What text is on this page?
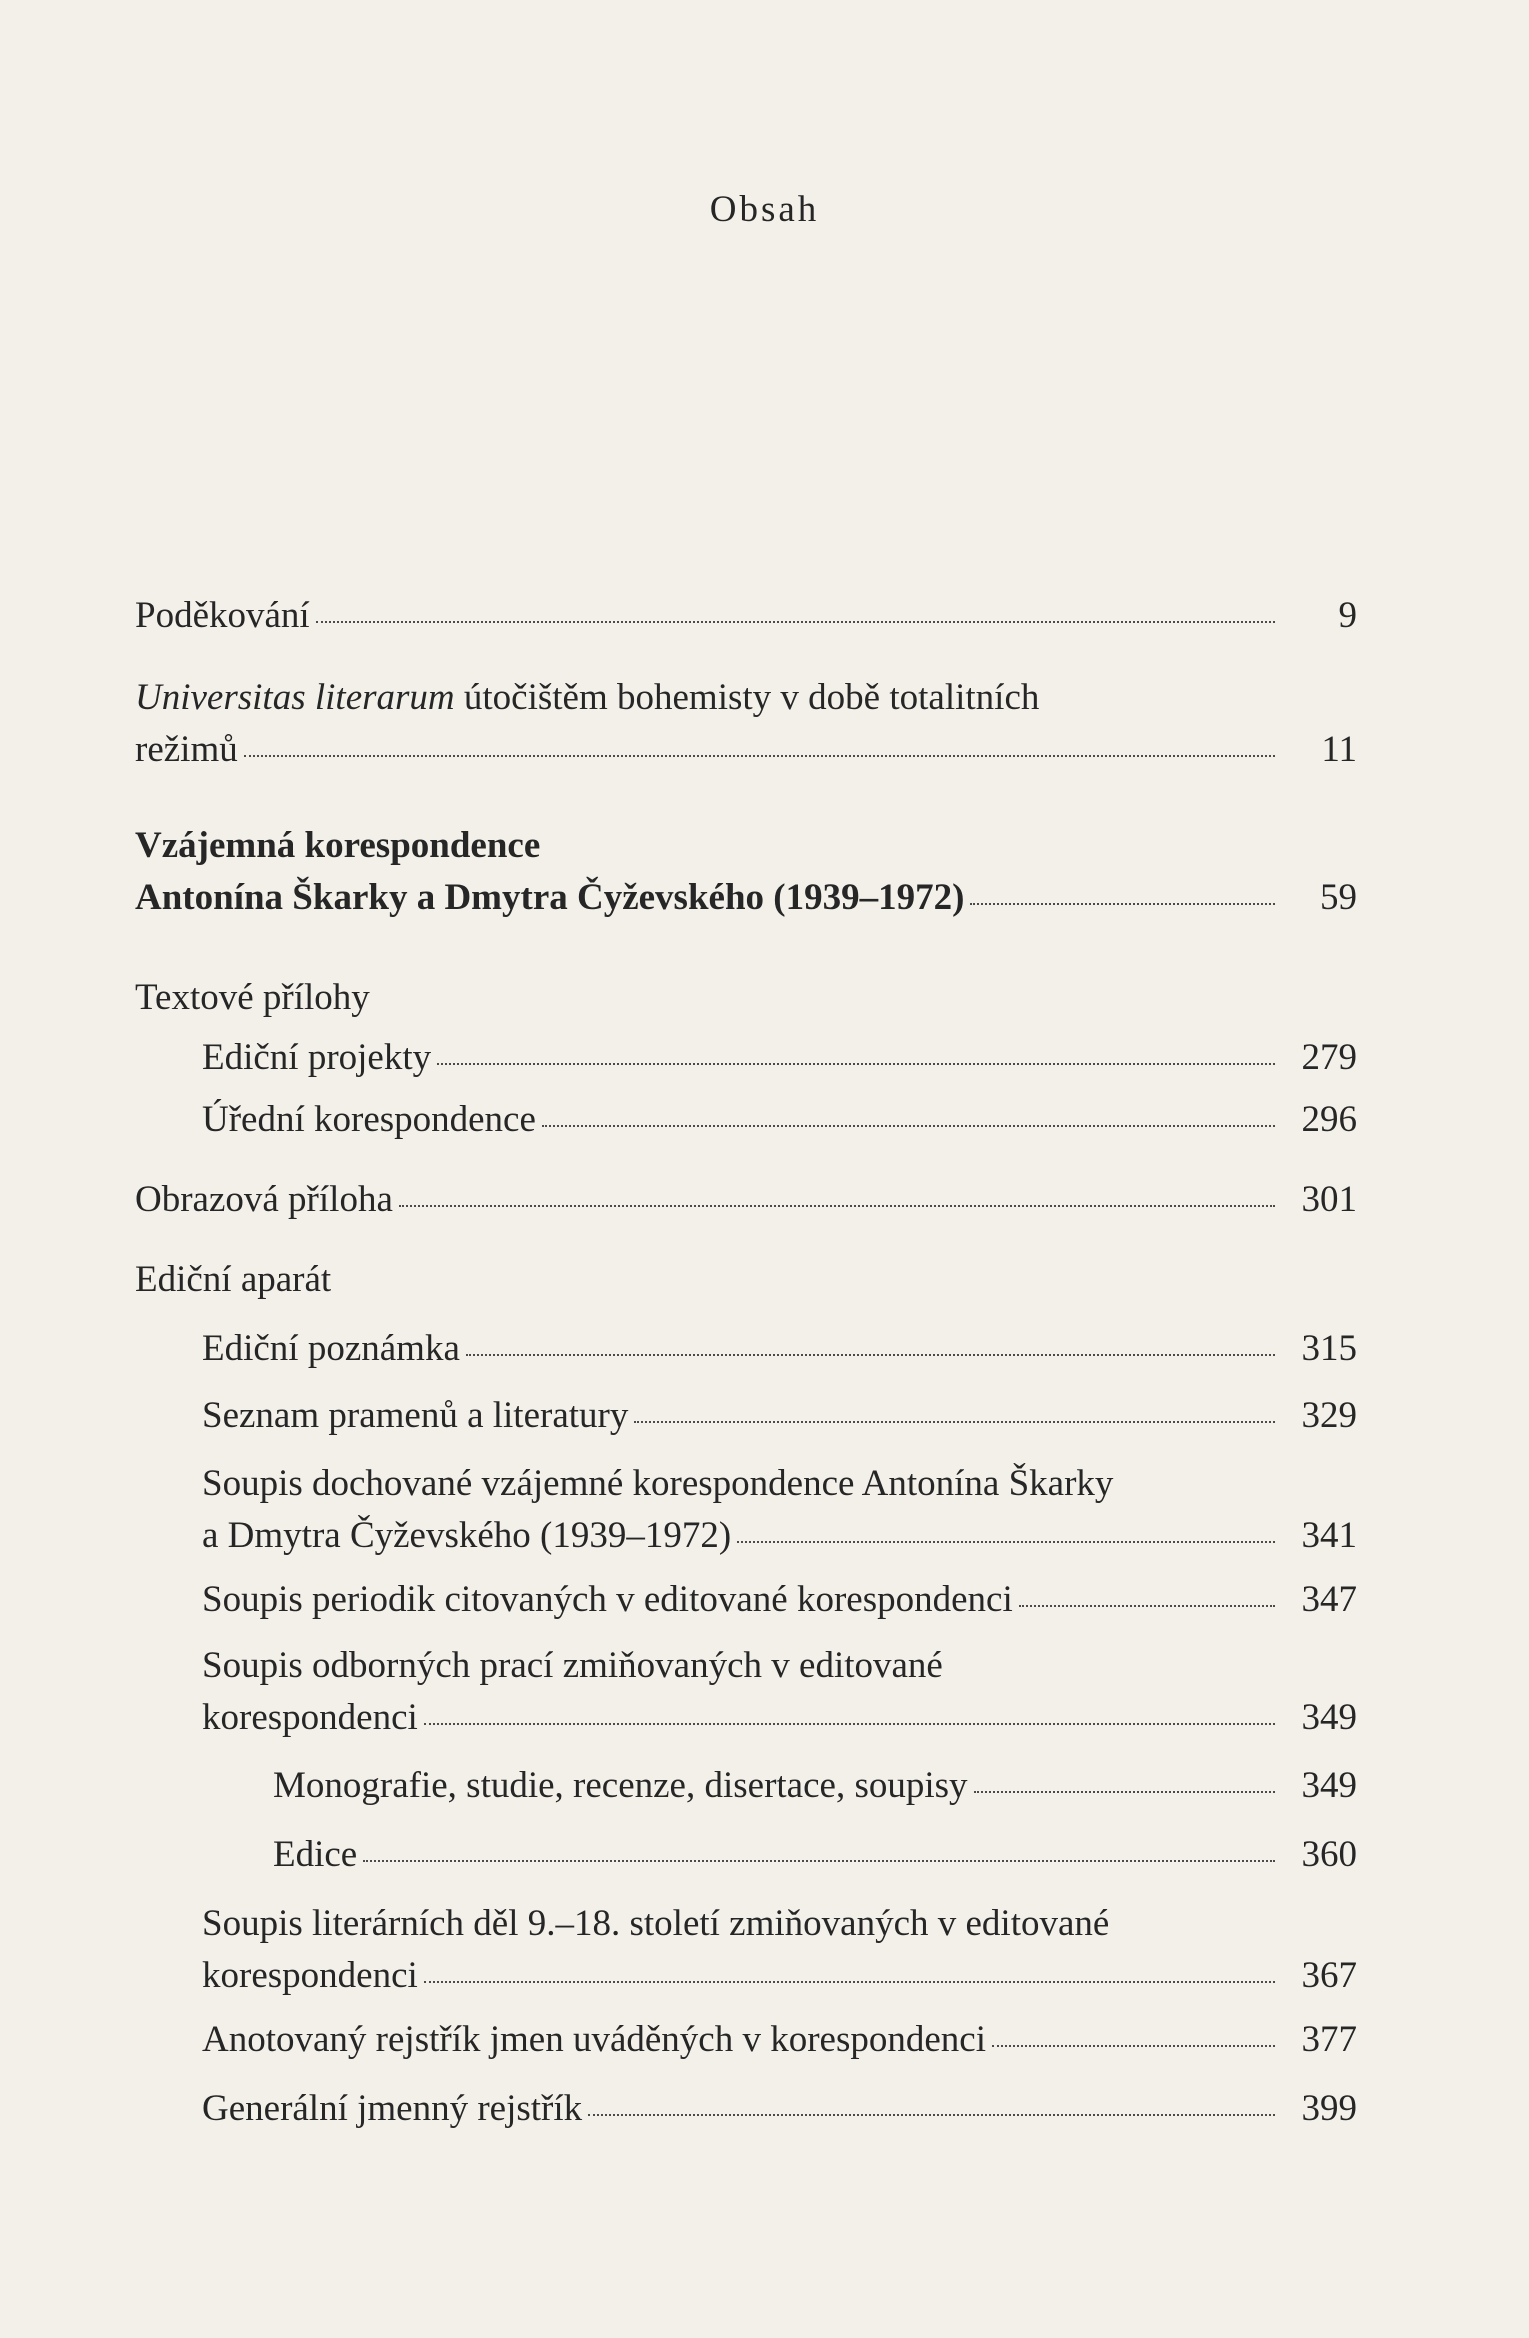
Obsah
Poděkování	9
Universitas literarum útočištěm bohemisty v době totalitních
režimů	11
Vzájemná korespondence
Antonína Škarky a Dmytra Čyževského (1939–1972)	59
Textové přílohy
Ediční projekty	279
Úřední korespondence	296
Obrazová příloha	301
Ediční aparát
Ediční poznámka	315
Seznam pramenů a literatury	329
Soupis dochované vzájemné korespondence Antonína Škarky
a Dmytra Čyževského (1939–1972)	341
Soupis periodik citovaných v editované korespondenci	347
Soupis odborných prací zmiňovaných v editované
korespondenci	349
Monografie, studie, recenze, disertace, soupisy	349
Edice	360
Soupis literárních děl 9.–18. století zmiňovaných v editované
korespondenci	367
Anotovaný rejstřík jmen uváděných v korespondenci	377
Generální jmenný rejstřík	399
